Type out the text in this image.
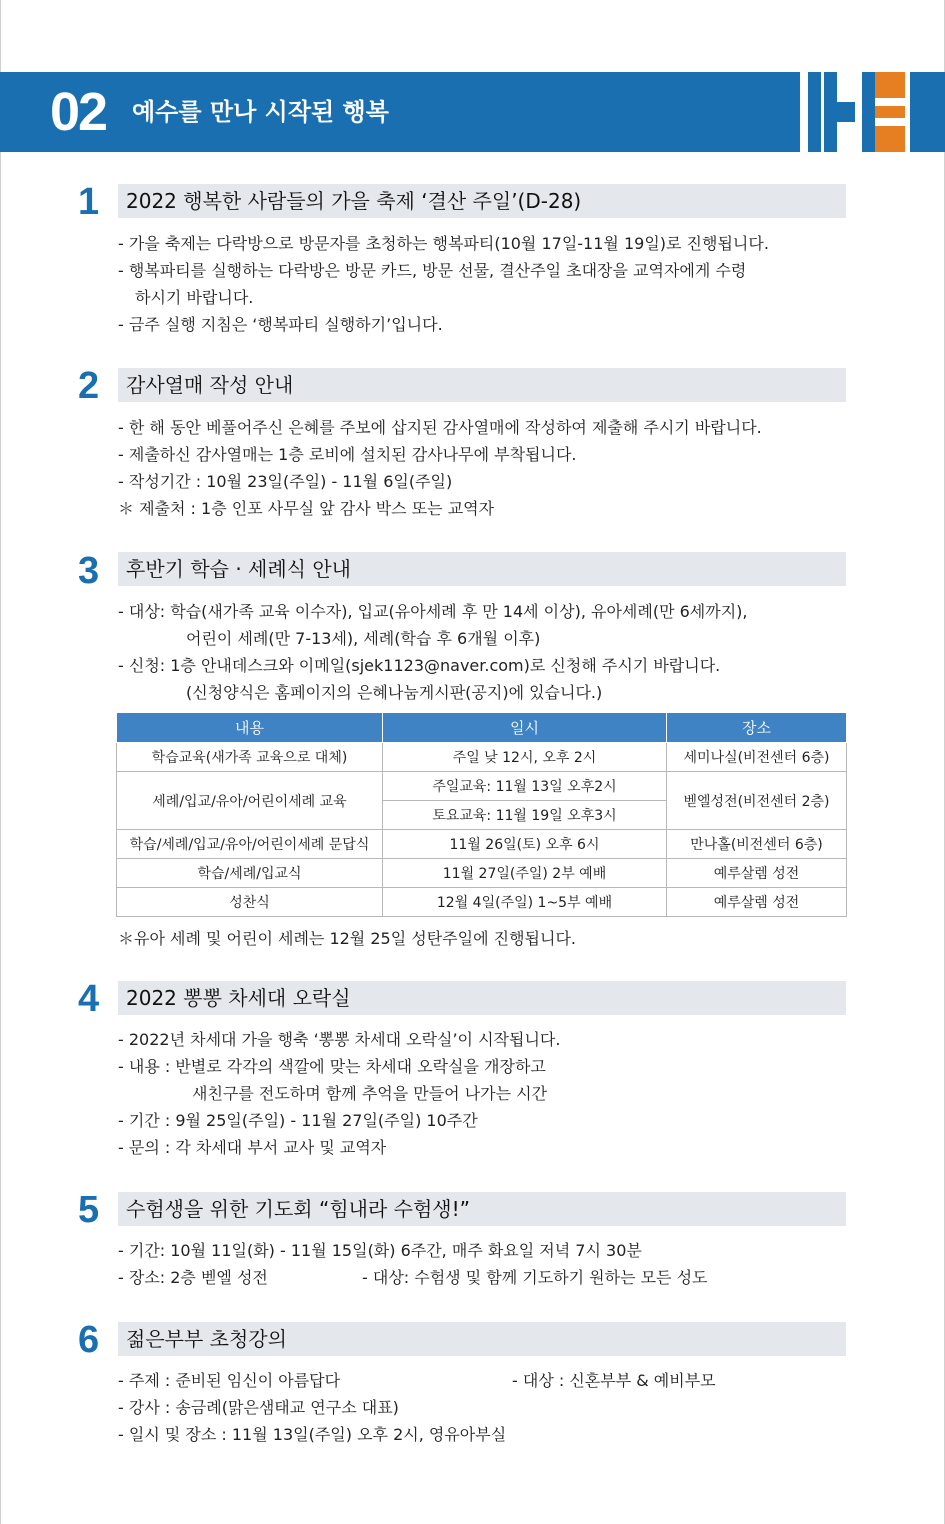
02 예수를 만나 시작된 행복
1 2022 행복한 사람들의 가을 축제 ‘결산 주일’(D-28)
- 가을 축제는 다락방으로 방문자를 초청하는 행복파티(10월 17일-11월 19일)로 진행됩니다.
- 행복파티를 실행하는 다락방은 방문 카드, 방문 선물, 결산주일 초대장을 교역자에게 수령
하시기 바랍니다.
- 금주 실행 지침은 ‘행복파티 실행하기’입니다.
2 감사열매 작성 안내
- 한 해 동안 베풀어주신 은혜를 주보에 삽지된 감사열매에 작성하여 제출해 주시기 바랍니다.
- 제출하신 감사열매는 1층 로비에 설치된 감사나무에 부착됩니다.
- 작성기간 : 10월 23일(주일) - 11월 6일(주일)
＊ 제출처 : 1층 인포 사무실 앞 감사 박스 또는 교역자
3 후반기 학습 · 세례식 안내
- 대상: 학습(새가족 교육 이수자), 입교(유아세례 후 만 14세 이상), 유아세례(만 6세까지),
어린이 세례(만 7-13세), 세례(학습 후 6개월 이후)
- 신청: 1층 안내데스크와 이메일(sjek1123@naver.com)로 신청해 주시기 바랍니다.
(신청양식은 홈페이지의 은혜나눔게시판(공지)에 있습니다.)
내용	일시	장소
학습교육(새가족 교육으로 대체)	주일 낮 12시, 오후 2시	세미나실(비전센터 6층)
세례/입교/유아/어린이세례 교육	주일교육: 11월 13일 오후2시	벧엘성전(비전센터 2층)
	토요교육: 11월 19일 오후3시	
학습/세례/입교/유아/어린이세례 문답식	11월 26일(토) 오후 6시	만나홀(비전센터 6층)
학습/세례/입교식	11월 27일(주일) 2부 예배	예루살렘 성전
성찬식	12월 4일(주일) 1~5부 예배	예루살렘 성전
＊유아 세례 및 어린이 세례는 12월 25일 성탄주일에 진행됩니다.
4 2022 뽕뽕 차세대 오락실
- 2022년 차세대 가을 행축 ‘뽕뽕 차세대 오락실’이 시작됩니다.
- 내용 : 반별로 각각의 색깔에 맞는 차세대 오락실을 개장하고
새친구를 전도하며 함께 추억을 만들어 나가는 시간
- 기간 : 9월 25일(주일) - 11월 27일(주일) 10주간
- 문의 : 각 차세대 부서 교사 및 교역자
5 수험생을 위한 기도회 “힘내라 수험생!”
- 기간: 10월 11일(화) - 11월 15일(화) 6주간, 매주 화요일 저녁 7시 30분
- 장소: 2층 벧엘 성전	- 대상: 수험생 및 함께 기도하기 원하는 모든 성도
6 젊은부부 초청강의
- 주제 : 준비된 임신이 아름답다	- 대상 : 신혼부부 & 예비부모
- 강사 : 송금례(맑은샘태교 연구소 대표)
- 일시 및 장소 : 11월 13일(주일) 오후 2시, 영유아부실
